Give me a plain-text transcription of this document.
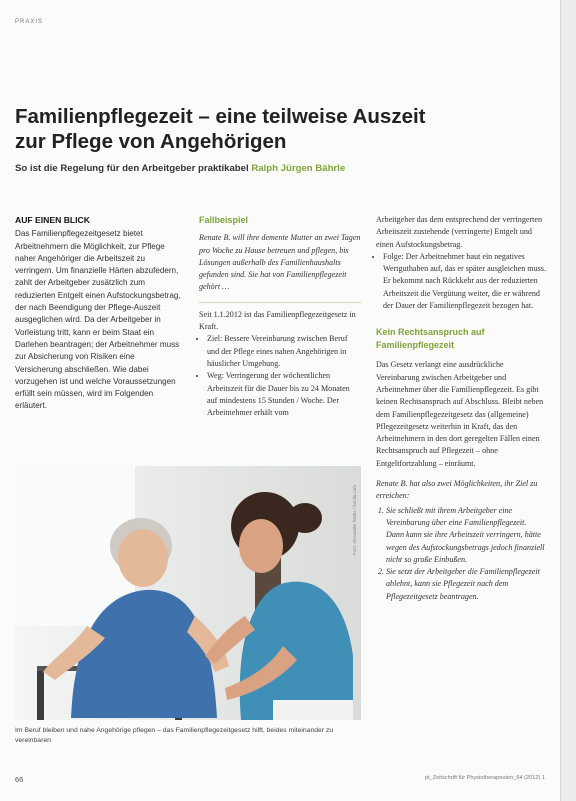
PRAXIS
Familienpflegezeit – eine teilweise Auszeit
zur Pflege von Angehörigen
So ist die Regelung für den Arbeitgeber praktikabel Ralph Jürgen Bährle
AUF EINEN BLICK
Das Familienpflegezeitgesetz bietet Arbeitnehmern die Möglichkeit, zur Pflege naher Angehöriger die Arbeitszeit zu verringern. Um finanzielle Härten abzufedern, zahlt der Arbeitgeber zusätzlich zum reduzierten Entgelt einen Aufstockungsbetrag, der nach Beendigung der Pflege-Auszeit ausgeglichen wird. Da der Arbeitgeber in Vorleistung tritt, kann er beim Staat ein Darlehen beantragen; der Arbeitnehmer muss zur Absicherung von Risiken eine Versicherung abschließen. Wie dabei vorzugehen ist und welche Voraussetzungen erfüllt sein müssen, wird im Folgenden erläutert.
Fallbeispiel
Renate B. will ihre demente Mutter an zwei Tagen pro Woche zu Hause betreuen und pflegen, bis Lösungen außerhalb des Familienhaushalts gefunden sind. Sie hat von Familienpflegezeit gehört …

Seit 1.1.2012 ist das Familienpflegezeitgesetz in Kraft.

• Ziel: Bessere Vereinbarung zwischen Beruf und der Pflege eines nahen Angehörigen in häuslicher Umgebung.
• Weg: Verringerung der wöchentlichen Arbeitszeit für die Dauer bis zu 24 Monaten auf mindestens 15 Stunden / Woche. Der Arbeitnehmer erhält vom
Arbeitgeber das dem entsprechend der verringerten Arbeitszeit zustehende (verringerte) Entgelt und einen Aufstockungsbetrag.
• Folge: Der Arbeitnehmer baut ein negatives Wertguthaben auf, das er später ausgleichen muss. Er bekommt nach Rückkehr aus der reduzierten Arbeitszeit die Vergütung weiter, die er während der Dauer der Familienpflegezeit bezogen hat.
Kein Rechtsanspruch auf Familienpflegezeit
Das Gesetz verlangt eine ausdrückliche Vereinbarung zwischen Arbeitgeber und Arbeitnehmer über die Familienpflegezeit. Es gibt keinen Rechtsanspruch auf Abschluss. Bleibt neben dem Familienpflegezeitgesetz das (allgemeine) Pflegezeitgesetz weiterhin in Kraft, das den Arbeitnehmern in den dort geregelten Fällen einen Rechtsanspruch auf Pflegezeit – ohne Entgeltfortzahlung – einräumt.
Renate B. hat also zwei Möglichkeiten, ihr Ziel zu erreichen:
1. Sie schließt mit ihrem Arbeitgeber eine Vereinbarung über eine Familienpflegezeit. Dann kann sie ihre Arbeitszeit verringern, hätte wegen des Aufstockungsbetrags jedoch finanziell nicht so große Einbußen.
2. Sie setzt der Arbeitgeber die Familienpflegezeit ablehnt, kann sie Pflegezeit nach dem Pflegezeitgesetz beantragen.
Foto: Alexander Raths / fotolia.com
Im Beruf bleiben und nahe Angehörige pflegen – das Familienpflegezeitgesetz hilft, beides miteinander zu vereinbaren
66	pt_Zeitschrift für Physiotherapeuten_64 (2012) 1
